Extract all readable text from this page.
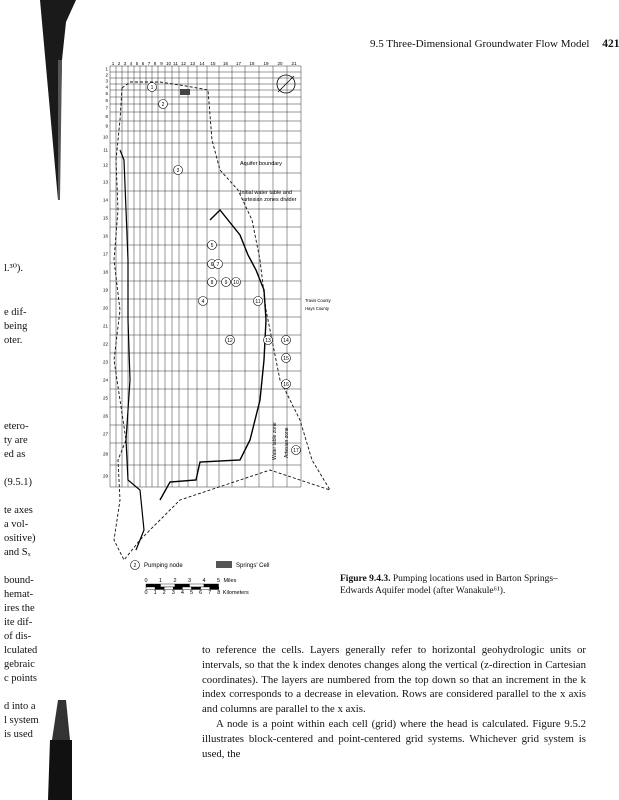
9.5 Three-Dimensional Groundwater Flow Model 421
l.³⁰).
e dif-
being
oter.
etero-
ty are
ed as
(9.5.1)
te axes
a vol-
ositive)
and Sₓ
bound-
hemat-
ires the
ite dif-
of dis-
lculated
gebraic
c points
d into a
l system
is used
1
2
3
4
5
6 7
8 9 10
11
12	13 14
15
16
17
1 2 3 4 5 6 7 8 9 10 11 12 13 14 15 16 17 18 19 20 21
1
2
3
4
5
6
7
8
9
10
11
12
13
14
15
16
17
18
19
20
21
22
23
24
25
26
27
28
29
Aquifer boundary
Initial water table and
artesian zones divider
Travis County
Hays County
Water table zone Artesian zone
2 Pumping node	Springs' Cell
0 1 2 3 4 5 Miles
0 1 2 3 4 5 6 7 8 Kilometers
Figure 9.4.3. Pumping locations used in Barton Springs–Edwards Aquifer model (after Wanakule⁶¹).

to reference the cells. Layers generally refer to horizontal geohydrologic units or intervals, so that the k index denotes changes along the vertical (z-direction in Cartesian coordinates). The layers are numbered from the top down so that an increment in the k index corresponds to a decrease in elevation. Rows are considered parallel to the x axis and columns are parallel to the x axis.

A node is a point within each cell (grid) where the head is calculated. Figure 9.5.2 illustrates block-centered and point-centered grid systems. Whichever grid system is used, the
